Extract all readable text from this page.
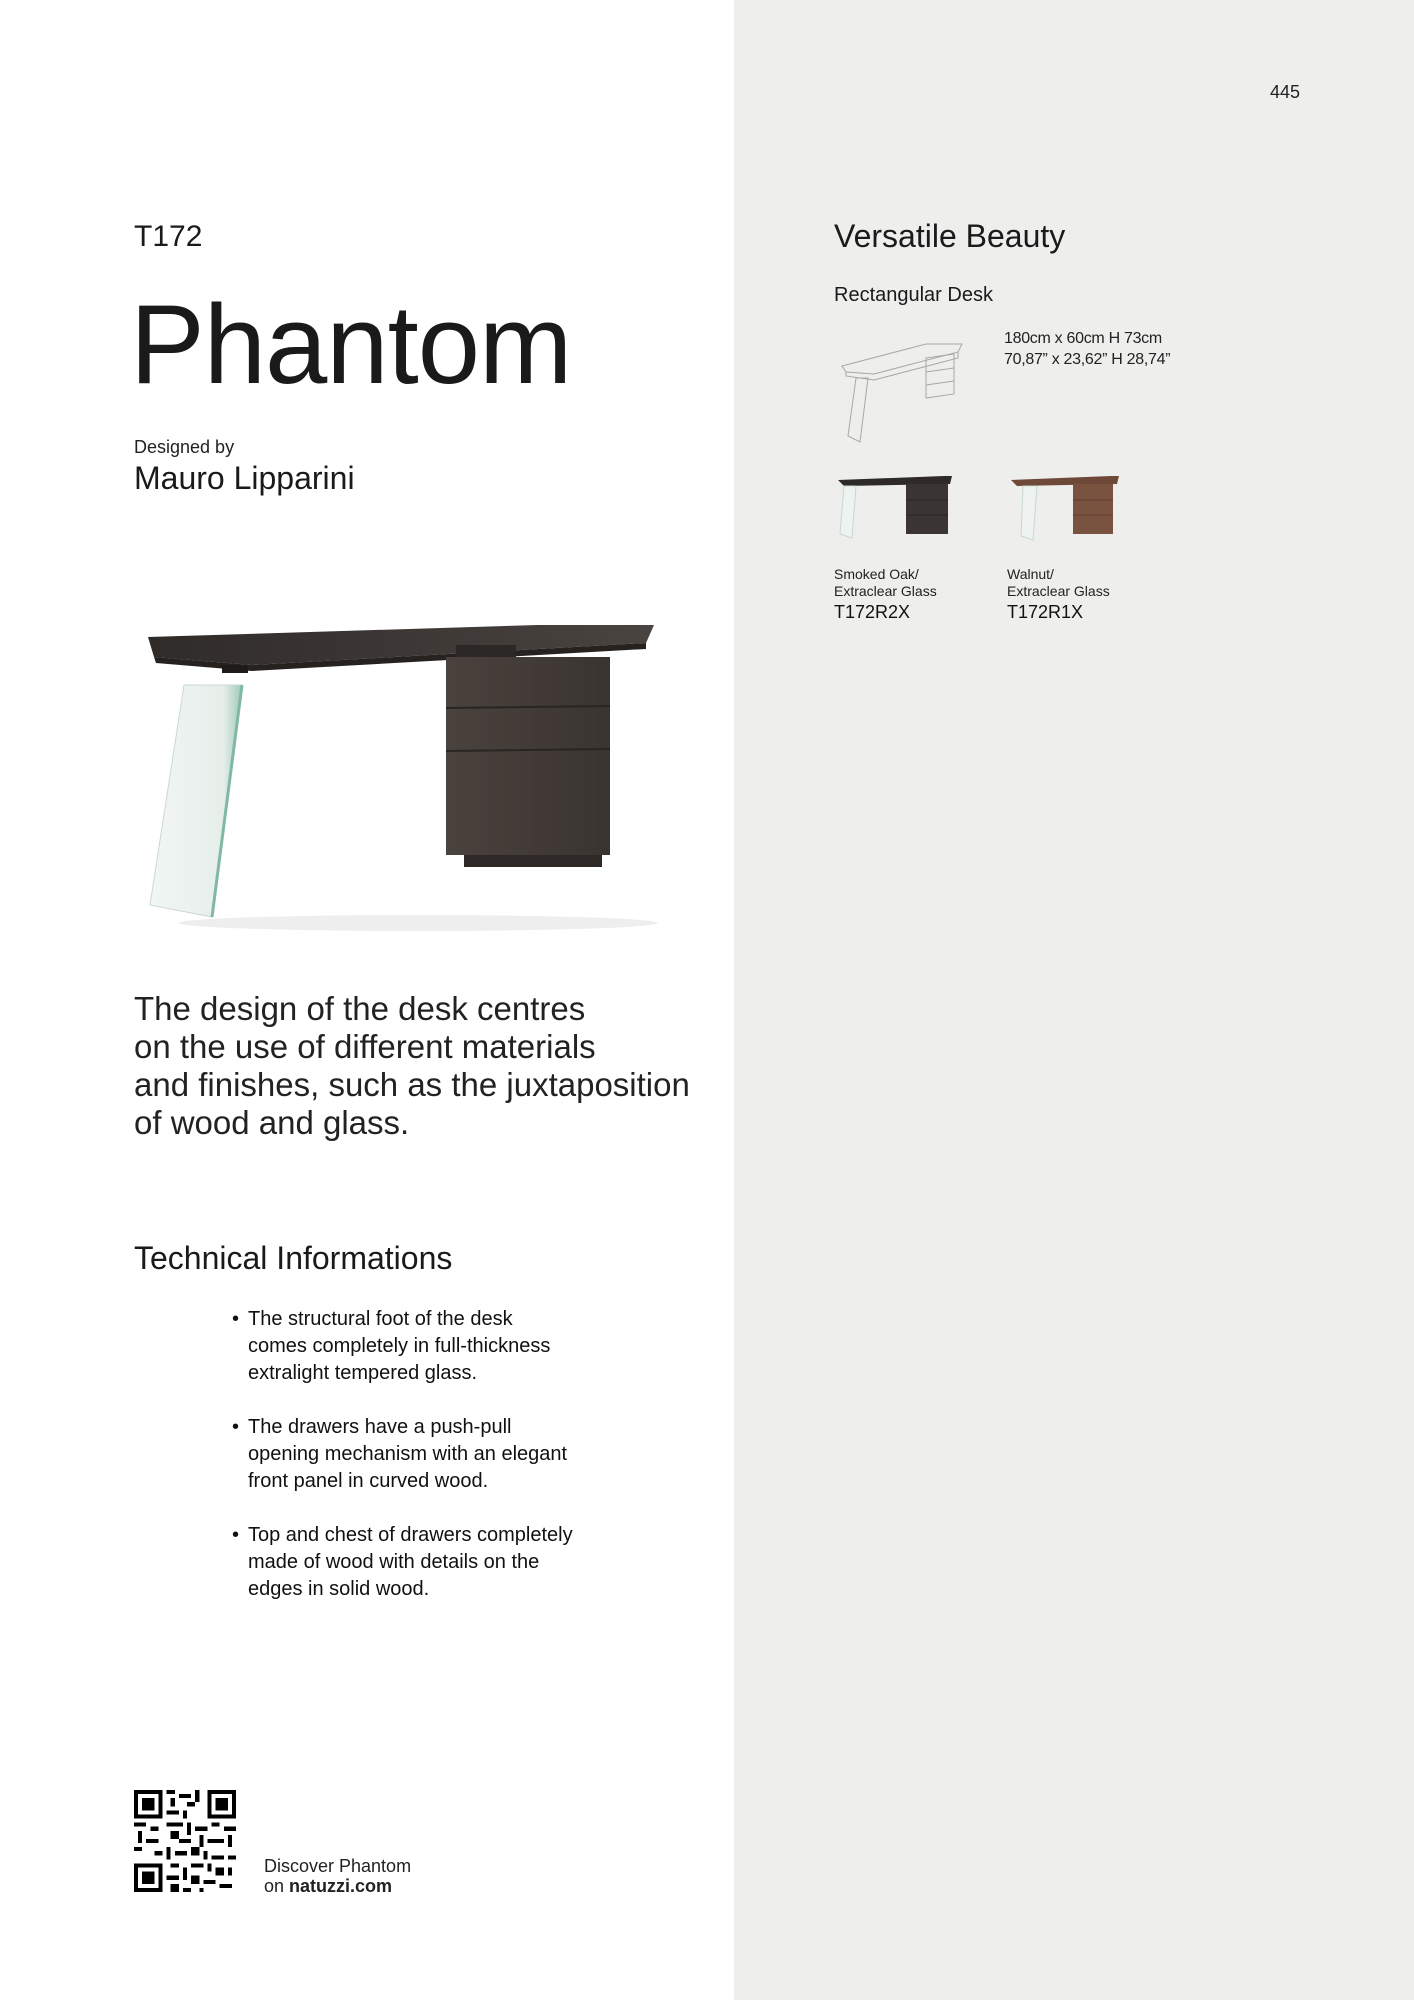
445
T172
Phantom
Designed by
Mauro Lipparini

The design of the desk centres
on the use of different materials
and finishes, such as the juxtaposition
of wood and glass.

Technical Informations
• The structural foot of the desk
comes completely in full-thickness
extralight tempered glass.
• The drawers have a push-pull
opening mechanism with an elegant
front panel in curved wood.
• Top and chest of drawers completely
made of wood with details on the
edges in solid wood.
Discover Phantom
on natuzzi.com
Versatile Beauty
Rectangular Desk
180cm x 60cm H 73cm
70,87” x 23,62” H 28,74”
Smoked Oak/
Extraclear Glass
T172R2X
Walnut/
Extraclear Glass
T172R1X
